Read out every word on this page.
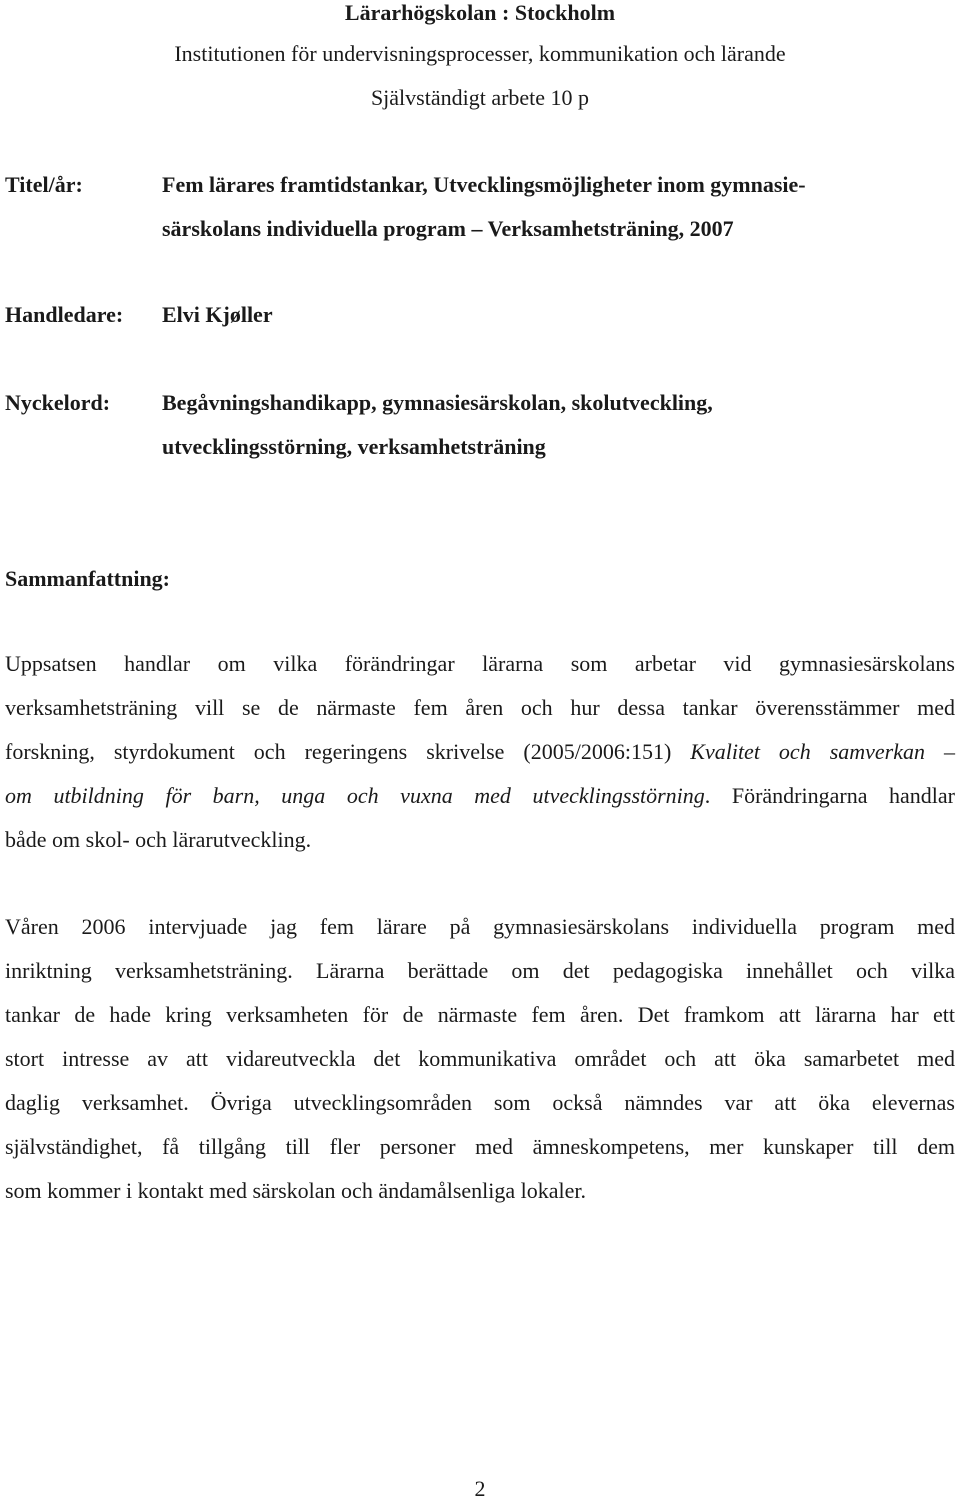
Lärarhögskolan : Stockholm
Institutionen för undervisningsprocesser, kommunikation och lärande
Självständigt arbete 10 p
Titel/år:	Fem lärares framtidstankar, Utvecklingsmöjligheter inom gymnasie-
särskolans individuella program – Verksamhetsträning, 2007
Handledare: Elvi Kjøller
Nyckelord: Begåvningshandikapp, gymnasiesärskolan, skolutveckling,
utvecklingsstörning, verksamhetsträning
Sammanfattning:
Uppsatsen handlar om vilka förändringar lärarna som arbetar vid gymnasiesärskolans
verksamhetsträning vill se de närmaste fem åren och hur dessa tankar överensstämmer med
forskning, styrdokument och regeringens skrivelse (2005/2006:151) Kvalitet och samverkan –
om utbildning för barn, unga och vuxna med utvecklingsstörning. Förändringarna handlar
både om skol- och lärarutveckling.
Våren 2006 intervjuade jag fem lärare på gymnasiesärskolans individuella program med
inriktning verksamhetsträning. Lärarna berättade om det pedagogiska innehållet och vilka
tankar de hade kring verksamheten för de närmaste fem åren. Det framkom att lärarna har ett
stort intresse av att vidareutveckla det kommunikativa området och att öka samarbetet med
daglig verksamhet. Övriga utvecklingsområden som också nämndes var att öka elevernas
självständighet, få tillgång till fler personer med ämneskompetens, mer kunskaper till dem
som kommer i kontakt med särskolan och ändamålsenliga lokaler.
2
